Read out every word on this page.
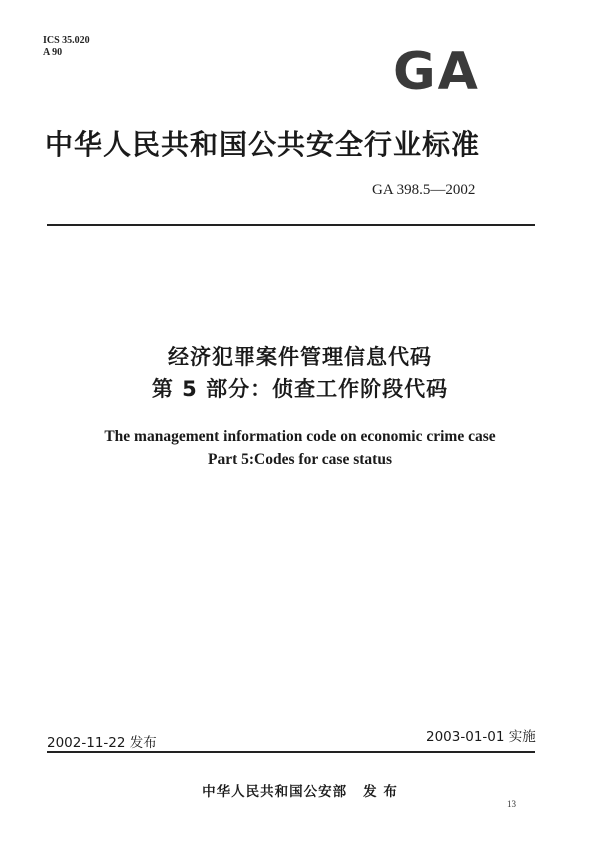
ICS 35.020
A 90	GA
中华人民共和国公共安全行业标准
GA 398.5—2002
经济犯罪案件管理信息代码
第 5 部分：侦查工作阶段代码
The management information code on economic crime case
Part 5:Codes for case status
2002-11-22 发布	2003-01-01 实施
中华人民共和国公安部 发 布
13
